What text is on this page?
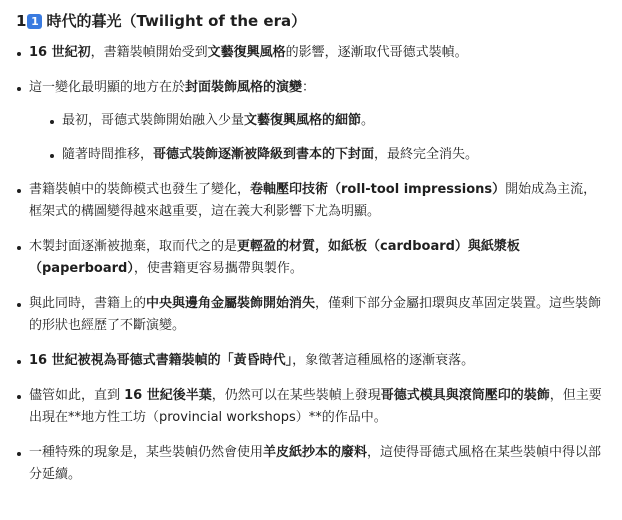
1 1 時代的暮光（Twilight of the era）
16 世紀初，書籍裝幀開始受到文藝復興風格的影響，逐漸取代哥德式裝幀。
這一變化最明顯的地方在於封面裝飾風格的演變：
最初，哥德式裝飾開始融入少量文藝復興風格的細節。
隨著時間推移，哥德式裝飾逐漸被降級到書本的下封面，最終完全消失。
書籍裝幀中的裝飾模式也發生了變化，卷軸壓印技術（roll-tool impressions）開始成為主流，框架式的構圖變得越來越重要，這在義大利影響下尤為明顯。
木製封面逐漸被拋棄，取而代之的是更輕盈的材質，如紙板（cardboard）與紙漿板（paperboard），使書籍更容易攜帶與製作。
與此同時，書籍上的中央與邊角金屬裝飾開始消失，僅剩下部分金屬扣環與皮革固定裝置。這些裝飾的形狀也經歷了不斷演變。
16 世紀被視為哥德式書籍裝幀的「黃昏時代」，象徵著這種風格的逐漸衰落。
儘管如此，直到 16 世紀後半葉，仍然可以在某些裝幀上發現哥德式模具與滾筒壓印的裝飾，但主要出現在**地方性工坊（provincial workshops）**的作品中。
一種特殊的現象是，某些裝幀仍然會使用羊皮紙抄本的廢料，這使得哥德式風格在某些裝幀中得以部分延續。
